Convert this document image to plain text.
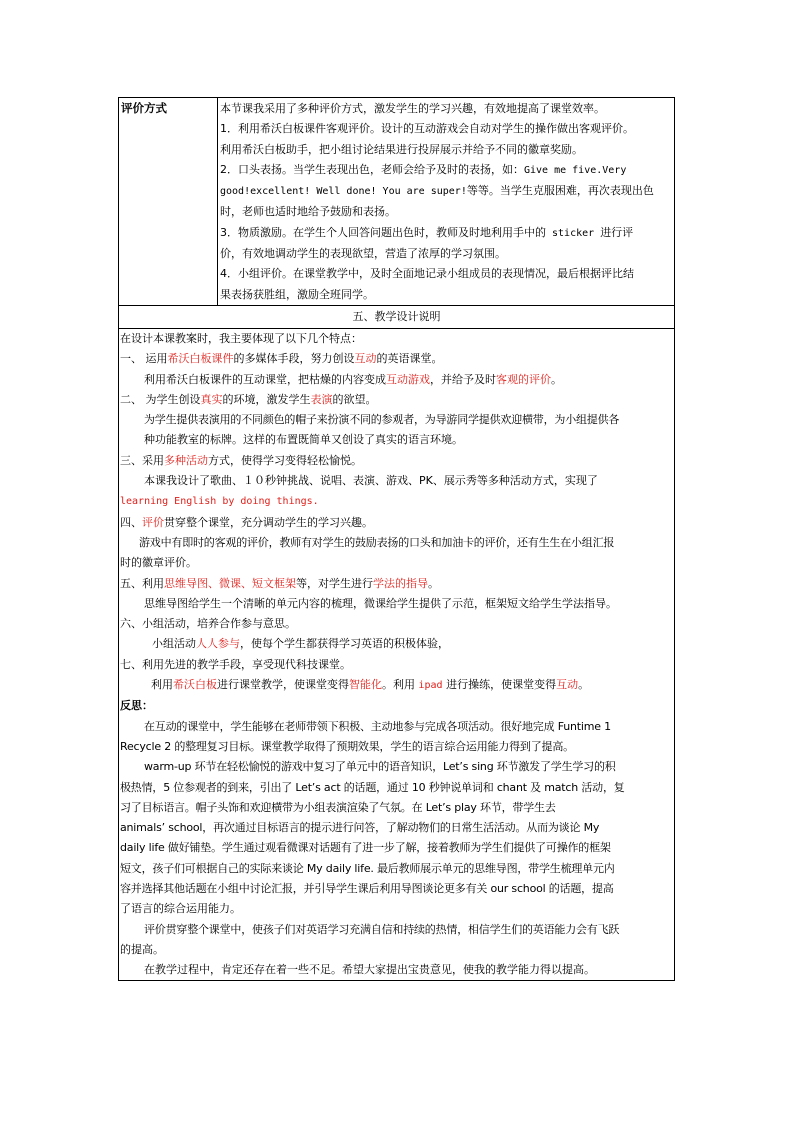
评价方式	本节课我采用了多种评价方式，激发学生的学习兴趣，有效地提高了课堂效率。

1．利用希沃白板课件客观评价。设计的互动游戏会自动对学生的操作做出客观评价。

利用希沃白板助手，把小组讨论结果进行投屏展示并给予不同的徽章奖励。

2．口头表扬。当学生表现出色，老师会给予及时的表扬，如：Give me five.Very

good!excellent! Well done! You are super!等等。当学生克服困难，再次表现出色

时，老师也适时地给予鼓励和表扬。

3．物质激励。在学生个人回答问题出色时，教师及时地利用手中的 sticker 进行评

价，有效地调动学生的表现欲望，营造了浓厚的学习氛围。

4．小组评价。在课堂教学中，及时全面地记录小组成员的表现情况，最后根据评比结

果表扬获胜组，激励全班同学。

五、教学设计说明

在设计本课教案时，我主要体现了以下几个特点：

一、 运用希沃白板课件的多媒体手段，努力创设互动的英语课堂。

利用希沃白板课件的互动课堂，把枯燥的内容变成互动游戏，并给予及时客观的评价。

二、 为学生创设真实的环境，激发学生表演的欲望。

为学生提供表演用的不同颜色的帽子来扮演不同的参观者，为导游同学提供欢迎横带，为小组提供各

种功能教室的标牌。这样的布置既简单又创设了真实的语言环境。

三、采用多种活动方式，使得学习变得轻松愉悦。

本课我设计了歌曲、１０秒钟挑战、说唱、表演、游戏、PK、展示秀等多种活动方式，实现了

learning English by doing things.

四、评价贯穿整个课堂，充分调动学生的学习兴趣。

游戏中有即时的客观的评价，教师有对学生的鼓励表扬的口头和加油卡的评价，还有生生在小组汇报

时的徽章评价。

五、利用思维导图、微课、短文框架等，对学生进行学法的指导。

思维导图给学生一个清晰的单元内容的梳理，微课给学生提供了示范，框架短文给学生学法指导。

六、小组活动，培养合作参与意思。

小组活动人人参与，使每个学生都获得学习英语的积极体验，

七、利用先进的教学手段，享受现代科技课堂。

利用希沃白板进行课堂教学，使课堂变得智能化。利用 ipad 进行操练，使课堂变得互动。

反思：

在互动的课堂中，学生能够在老师带领下积极、主动地参与完成各项活动。很好地完成 Funtime 1

Recycle 2 的整理复习目标。课堂教学取得了预期效果，学生的语言综合运用能力得到了提高。

warm-up 环节在轻松愉悦的游戏中复习了单元中的语音知识，Let’s sing 环节激发了学生学习的积

极热情，5 位参观者的到来，引出了 Let’s act 的话题，通过 10 秒钟说单词和 chant 及 match 活动，复

习了目标语言。帽子头饰和欢迎横带为小组表演渲染了气氛。在 Let’s play 环节，带学生去

animals’ school，再次通过目标语言的提示进行问答，了解动物们的日常生活活动。从而为谈论 My

daily life 做好铺垫。学生通过观看微课对话题有了进一步了解，接着教师为学生们提供了可操作的框架

短文，孩子们可根据自己的实际来谈论 My daily life. 最后教师展示单元的思维导图，带学生梳理单元内

容并选择其他话题在小组中讨论汇报，并引导学生课后利用导图谈论更多有关 our school 的话题，提高

了语言的综合运用能力。

评价贯穿整个课堂中，使孩子们对英语学习充满自信和持续的热情，相信学生们的英语能力会有飞跃

的提高。

在教学过程中，肯定还存在着一些不足。希望大家提出宝贵意见，使我的教学能力得以提高。
